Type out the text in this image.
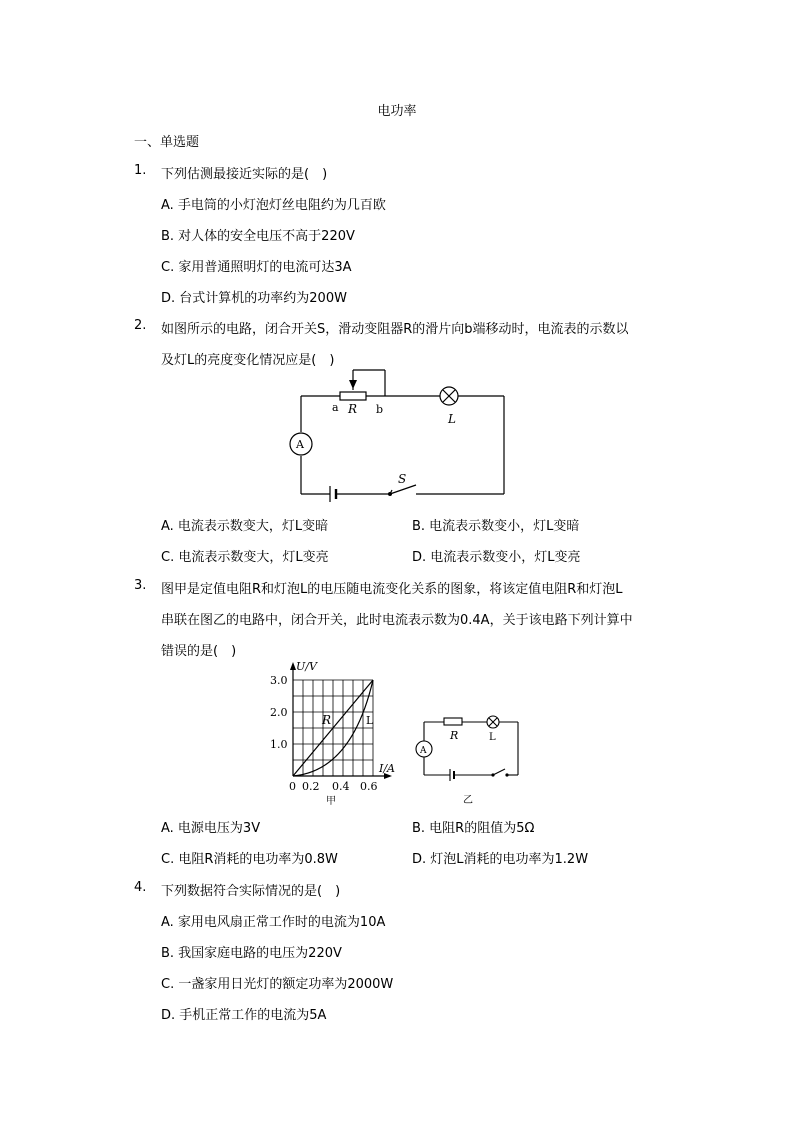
电功率
一、单选题
1. 下列估测最接近实际的是(　)
A. 手电筒的小灯泡灯丝电阻约为几百欧
B. 对人体的安全电压不高于220V
C. 家用普通照明灯的电流可达3A
D. 台式计算机的功率约为200W
2. 如图所示的电路，闭合开关S，滑动变阻器R的滑片向b端移动时，电流表的示数以
及灯L的亮度变化情况应是(　)
a R b
L
A
S
A. 电流表示数变大，灯L变暗	B. 电流表示数变小，灯L变暗
C. 电流表示数变大，灯L变亮	D. 电流表示数变小，灯L变亮
3. 图甲是定值电阻R和灯泡L的电压随电流变化关系的图象，将该定值电阻R和灯泡L
串联在图乙的电路中，闭合开关，此时电流表示数为0.4A，关于该电路下列计算中
错误的是(　)
U/V
I/A
3.0
2.0
1.0
0 0.2 0.4 0.6
R	L
甲
R	L
A
乙
A. 电源电压为3V	B. 电阻R的阻值为5Ω
C. 电阻R消耗的电功率为0.8W	D. 灯泡L消耗的电功率为1.2W
4. 下列数据符合实际情况的是(　)
A. 家用电风扇正常工作时的电流为10A
B. 我国家庭电路的电压为220V
C. 一盏家用日光灯的额定功率为2000W
D. 手机正常工作的电流为5A
